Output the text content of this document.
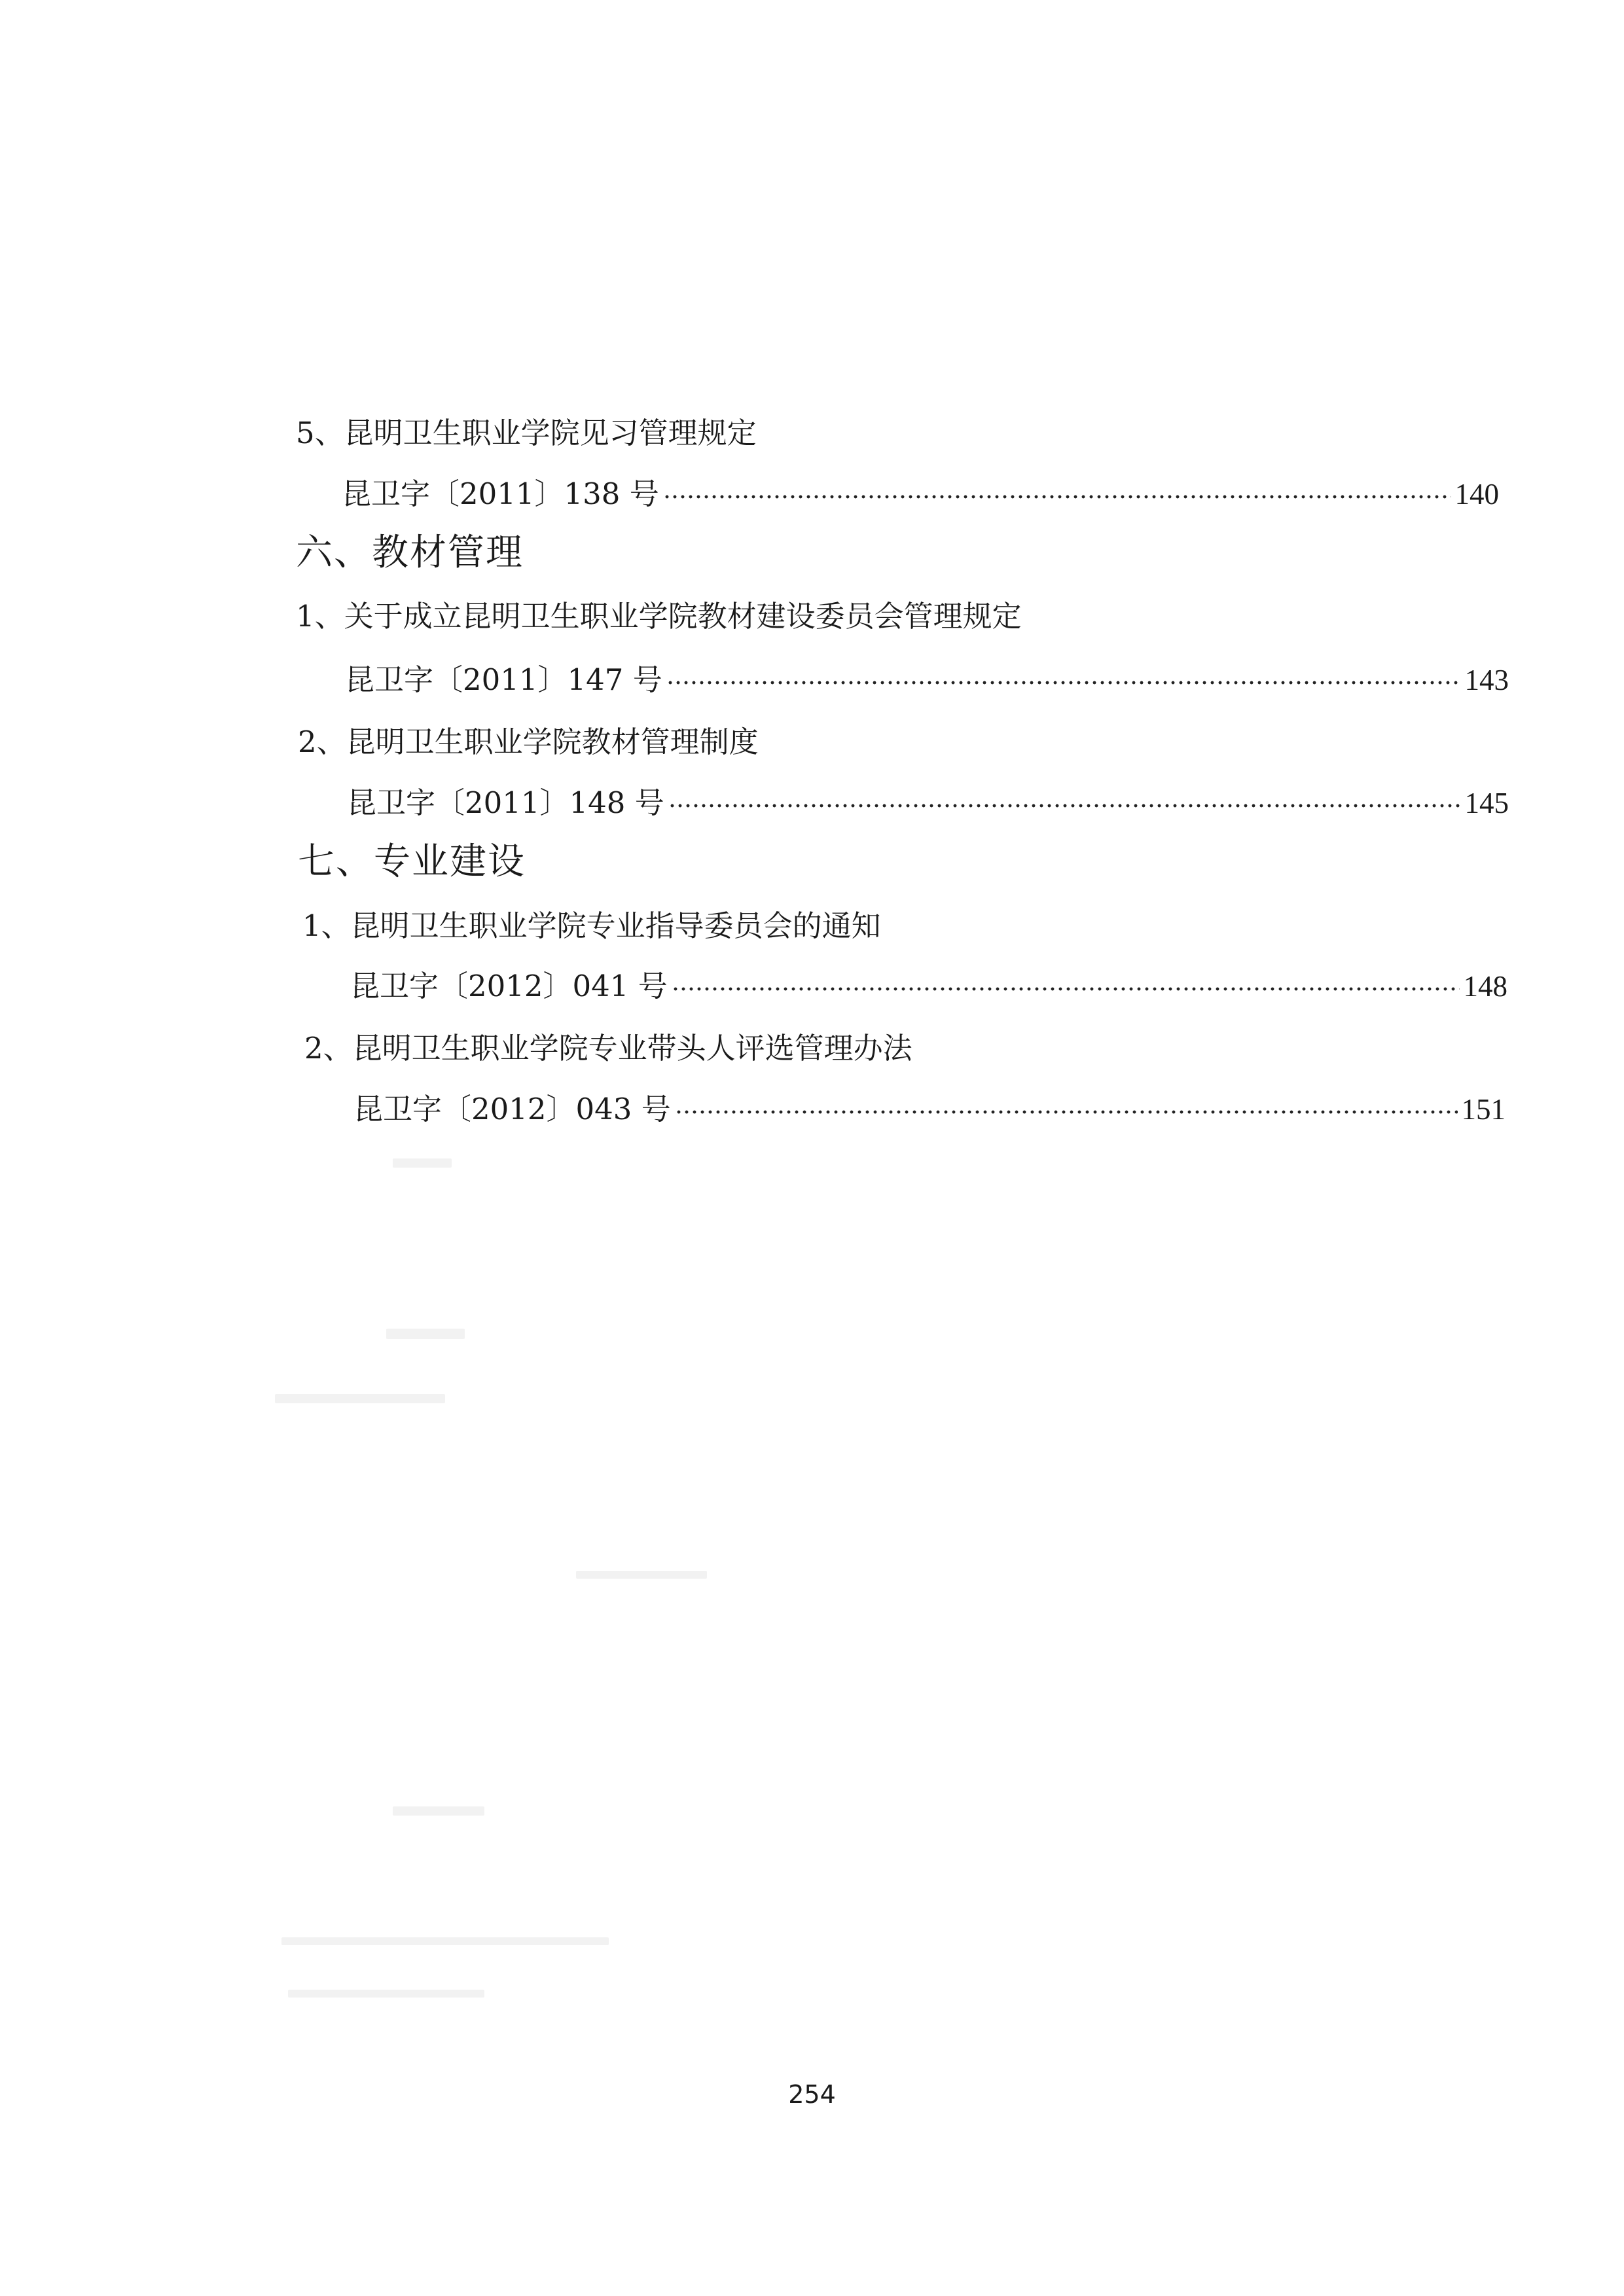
5、昆明卫生职业学院见习管理规定
昆卫字〔2011〕138 号	140
六、教材管理
1、关于成立昆明卫生职业学院教材建设委员会管理规定
昆卫字〔2011〕147 号	143
2、昆明卫生职业学院教材管理制度
昆卫字〔2011〕148 号	145
七、专业建设
1、昆明卫生职业学院专业指导委员会的通知
昆卫字〔2012〕041 号	148
2、昆明卫生职业学院专业带头人评选管理办法
昆卫字〔2012〕043 号	151
254
